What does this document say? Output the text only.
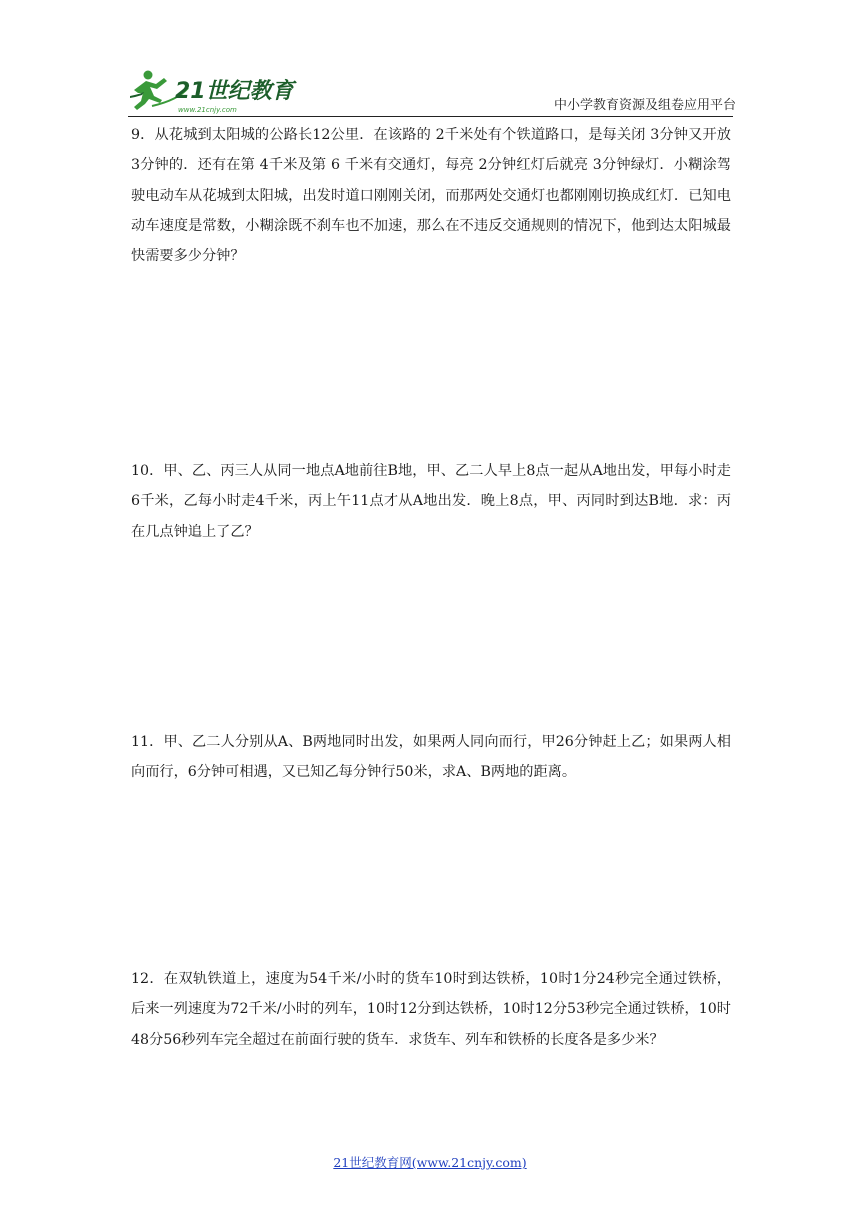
21世纪教育
www.21cnjy.com	中小学教育资源及组卷应用平台

9．从花城到太阳城的公路长12公里．在该路的 2千米处有个铁道路口，是每关闭 3分钟又开放 3分钟的．还有在第 4千米及第 6 千米有交通灯，每亮 2分钟红灯后就亮 3分钟绿灯．小糊涂驾驶电动车从花城到太阳城，出发时道口刚刚关闭，而那两处交通灯也都刚刚切换成红灯．已知电动车速度是常数，小糊涂既不刹车也不加速，那么在不违反交通规则的情况下，他到达太阳城最快需要多少分钟？

10．甲、乙、丙三人从同一地点A地前往B地，甲、乙二人早上8点一起从A地出发，甲每小时走6千米，乙每小时走4千米，丙上午11点才从A地出发．晚上8点，甲、丙同时到达B地．求：丙在几点钟追上了乙？

11．甲、乙二人分别从A、B两地同时出发，如果两人同向而行，甲26分钟赶上乙；如果两人相向而行，6分钟可相遇，又已知乙每分钟行50米，求A、B两地的距离。

12．在双轨铁道上，速度为54千米/小时的货车10时到达铁桥，10时1分24秒完全通过铁桥，后来一列速度为72千米/小时的列车，10时12分到达铁桥，10时12分53秒完全通过铁桥，10时48分56秒列车完全超过在前面行驶的货车．求货车、列车和铁桥的长度各是多少米？

21世纪教育网(www.21cnjy.com)
